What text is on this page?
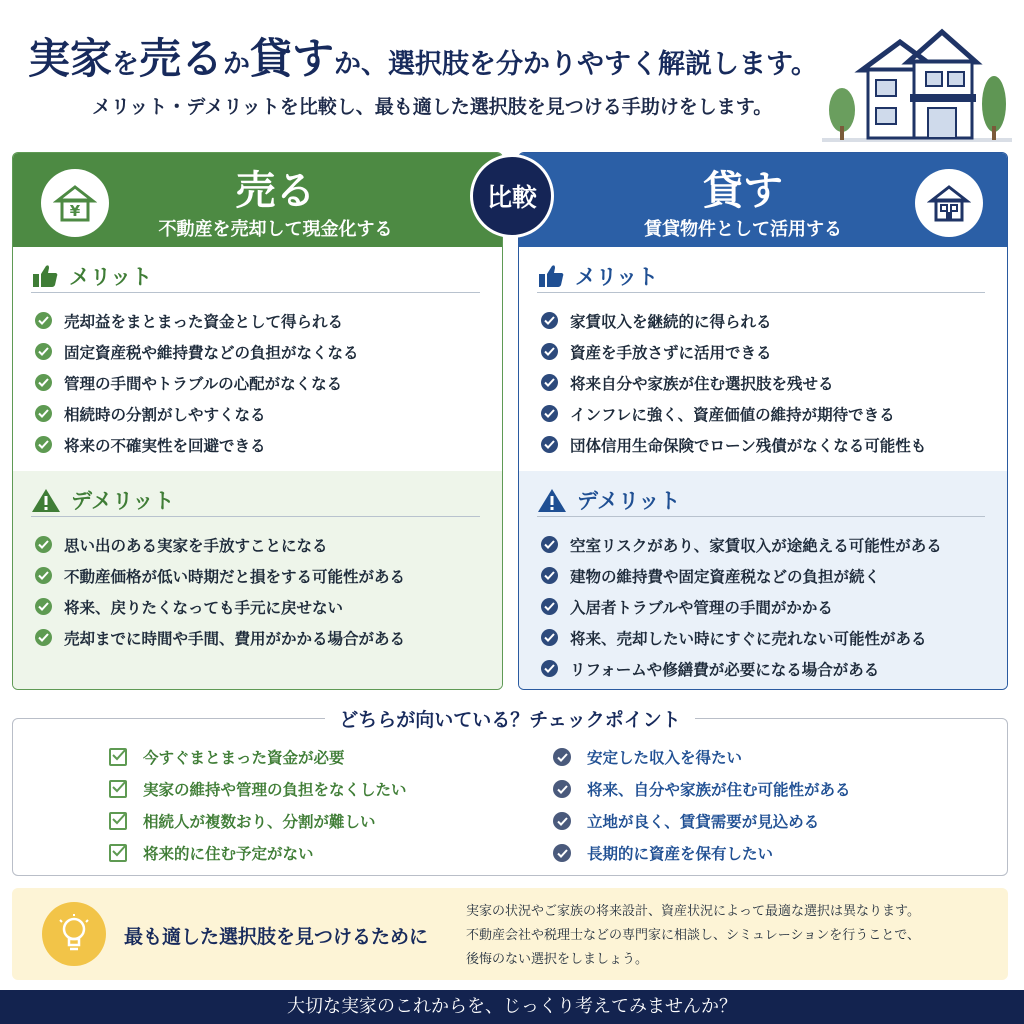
実家を売るか貸すか、選択肢を分かりやすく解説します。
メリット・デメリットを比較し、最も適した選択肢を見つける手助けをします。
¥	売る
不動産を売却して現金化する
メリット
売却益をまとまった資金として得られる
固定資産税や維持費などの負担がなくなる
管理の手間やトラブルの心配がなくなる
相続時の分割がしやすくなる
将来の不確実性を回避できる
デメリット
思い出のある実家を手放すことになる
不動産価格が低い時期だと損をする可能性がある
将来、戻りたくなっても手元に戻せない
売却までに時間や手間、費用がかかる場合がある
貸す
賃貸物件として活用する
メリット
家賃収入を継続的に得られる
資産を手放さずに活用できる
将来自分や家族が住む選択肢を残せる
インフレに強く、資産価値の維持が期待できる
団体信用生命保険でローン残債がなくなる可能性も
デメリット
空室リスクがあり、家賃収入が途絶える可能性がある
建物の維持費や固定資産税などの負担が続く
入居者トラブルや管理の手間がかかる
将来、売却したい時にすぐに売れない可能性がある
リフォームや修繕費が必要になる場合がある
比較
どちらが向いている？チェックポイント
今すぐまとまった資金が必要
実家の維持や管理の負担をなくしたい
相続人が複数おり、分割が難しい
将来的に住む予定がない
安定した収入を得たい
将来、自分や家族が住む可能性がある
立地が良く、賃貸需要が見込める
長期的に資産を保有したい
最も適した選択肢を見つけるために
実家の状況やご家族の将来設計、資産状況によって最適な選択は異なります。
不動産会社や税理士などの専門家に相談し、シミュレーションを行うことで、
後悔のない選択をしましょう。
大切な実家のこれからを、じっくり考えてみませんか？
